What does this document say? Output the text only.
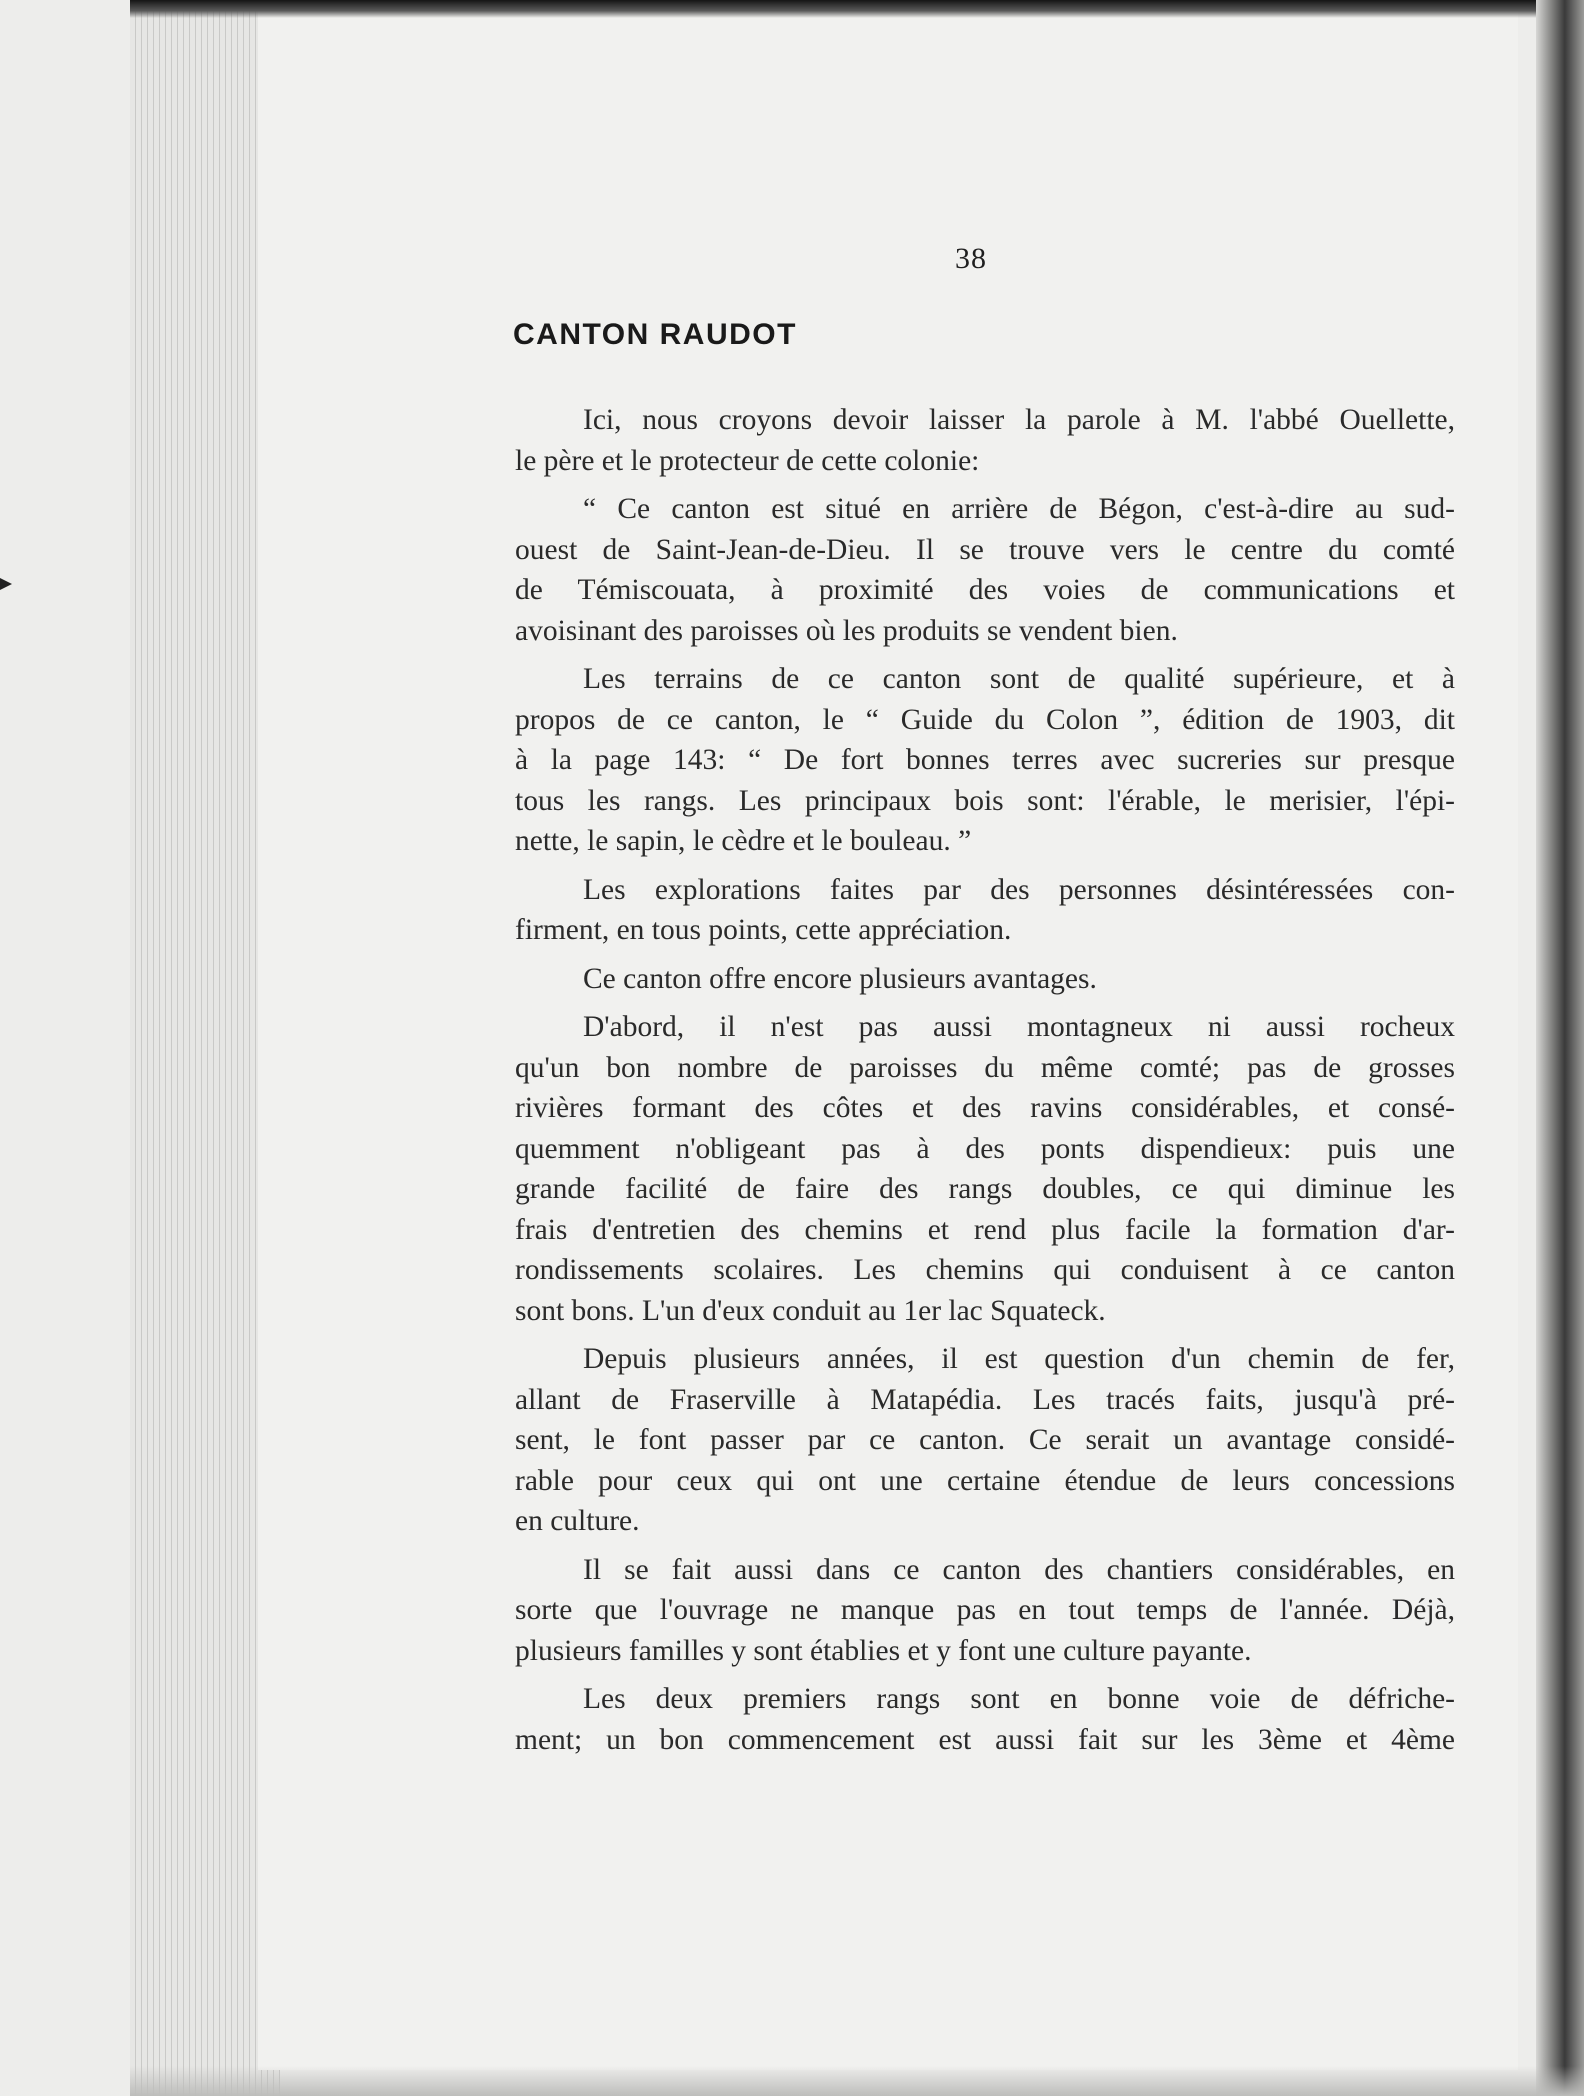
38
CANTON RAUDOT
Ici, nous croyons devoir laisser la parole à M. l'abbé Ouellette,
le père et le protecteur de cette colonie:
“ Ce canton est situé en arrière de Bégon, c'est-à-dire au sud-
ouest de Saint-Jean-de-Dieu. Il se trouve vers le centre du comté
de Témiscouata, à proximité des voies de communications et
avoisinant des paroisses où les produits se vendent bien.
Les terrains de ce canton sont de qualité supérieure, et à
propos de ce canton, le “ Guide du Colon ”, édition de 1903, dit
à la page 143: “ De fort bonnes terres avec sucreries sur presque
tous les rangs. Les principaux bois sont: l'érable, le merisier, l'épi-
nette, le sapin, le cèdre et le bouleau. ”
Les explorations faites par des personnes désintéressées con-
firment, en tous points, cette appréciation.
Ce canton offre encore plusieurs avantages.
D'abord, il n'est pas aussi montagneux ni aussi rocheux
qu'un bon nombre de paroisses du même comté; pas de grosses
rivières formant des côtes et des ravins considérables, et consé-
quemment n'obligeant pas à des ponts dispendieux: puis une
grande facilité de faire des rangs doubles, ce qui diminue les
frais d'entretien des chemins et rend plus facile la formation d'ar-
rondissements scolaires. Les chemins qui conduisent à ce canton
sont bons. L'un d'eux conduit au 1er lac Squateck.
Depuis plusieurs années, il est question d'un chemin de fer,
allant de Fraserville à Matapédia. Les tracés faits, jusqu'à pré-
sent, le font passer par ce canton. Ce serait un avantage considé-
rable pour ceux qui ont une certaine étendue de leurs concessions
en culture.
Il se fait aussi dans ce canton des chantiers considérables, en
sorte que l'ouvrage ne manque pas en tout temps de l'année. Déjà,
plusieurs familles y sont établies et y font une culture payante.
Les deux premiers rangs sont en bonne voie de défriche-
ment; un bon commencement est aussi fait sur les 3ème et 4ème
